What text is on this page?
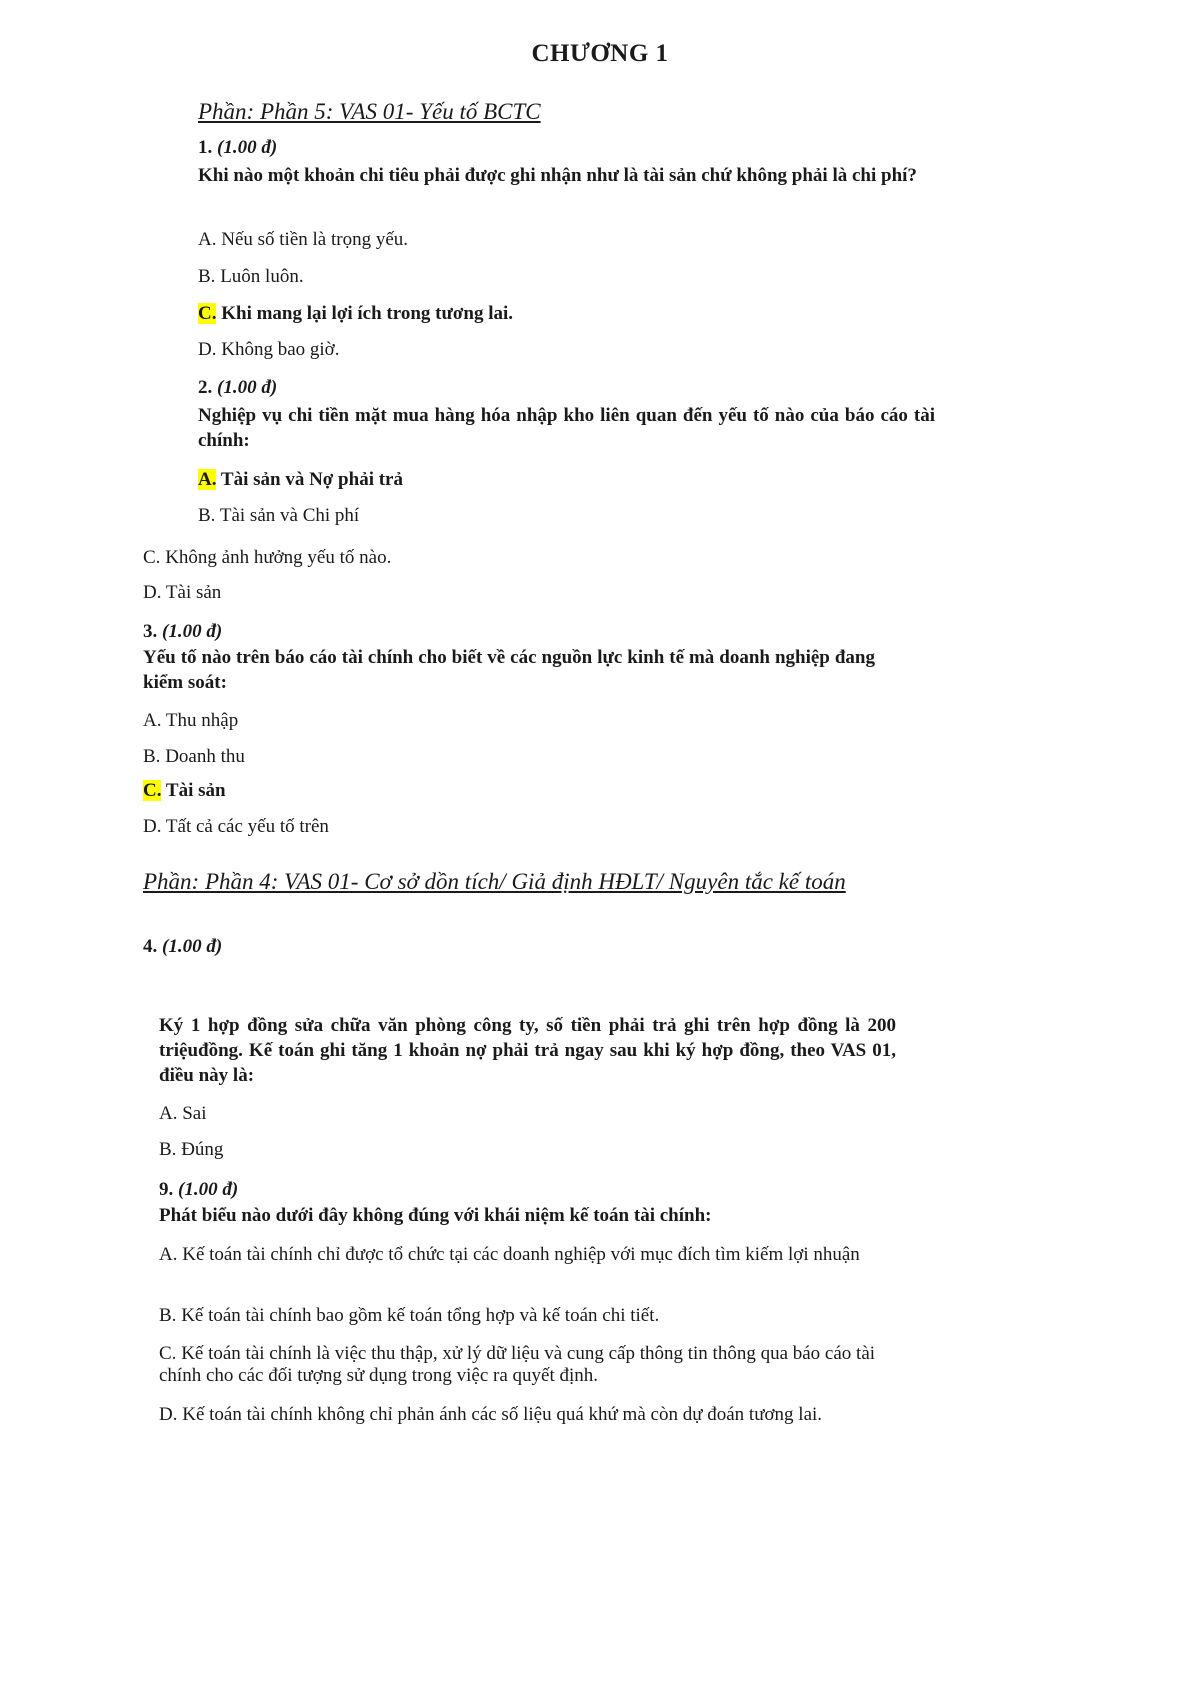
CHƯƠNG 1
Phần: Phần 5: VAS 01- Yếu tố BCTC
1. (1.00 đ)
Khi nào một khoản chi tiêu phải được ghi nhận như là tài sản chứ không phải là chi phí?
A. Nếu số tiền là trọng yếu.
B. Luôn luôn.
C. Khi mang lại lợi ích trong tương lai.
D. Không bao giờ.
2. (1.00 đ)
Nghiệp vụ chi tiền mặt mua hàng hóa nhập kho liên quan đến yếu tố nào của báo cáo tài chính:
A. Tài sản và Nợ phải trả
B. Tài sản và Chi phí
C. Không ảnh hưởng yếu tố nào.
D. Tài sản
3. (1.00 đ)
Yếu tố nào trên báo cáo tài chính cho biết về các nguồn lực kinh tế mà doanh nghiệp đang kiểm soát:
A. Thu nhập
B. Doanh thu
C. Tài sản
D. Tất cả các yếu tố trên
Phần: Phần 4: VAS 01- Cơ sở dồn tích/ Giả định HĐLT/ Nguyên tắc kế toán
4. (1.00 đ)
Ký 1 hợp đồng sửa chữa văn phòng công ty, số tiền phải trả ghi trên hợp đồng là 200 triệuđồng. Kế toán ghi tăng 1 khoản nợ phải trả ngay sau khi ký hợp đồng, theo VAS 01, điều này là:
A. Sai
B. Đúng
9. (1.00 đ)
Phát biểu nào dưới đây không đúng với khái niệm kế toán tài chính:
A. Kế toán tài chính chỉ được tổ chức tại các doanh nghiệp với mục đích tìm kiếm lợi nhuận
B. Kế toán tài chính bao gồm kế toán tổng hợp và kế toán chi tiết.
C. Kế toán tài chính là việc thu thập, xử lý dữ liệu và cung cấp thông tin thông qua báo cáo tài chính cho các đối tượng sử dụng trong việc ra quyết định.
D. Kế toán tài chính không chỉ phản ánh các số liệu quá khứ mà còn dự đoán tương lai.
